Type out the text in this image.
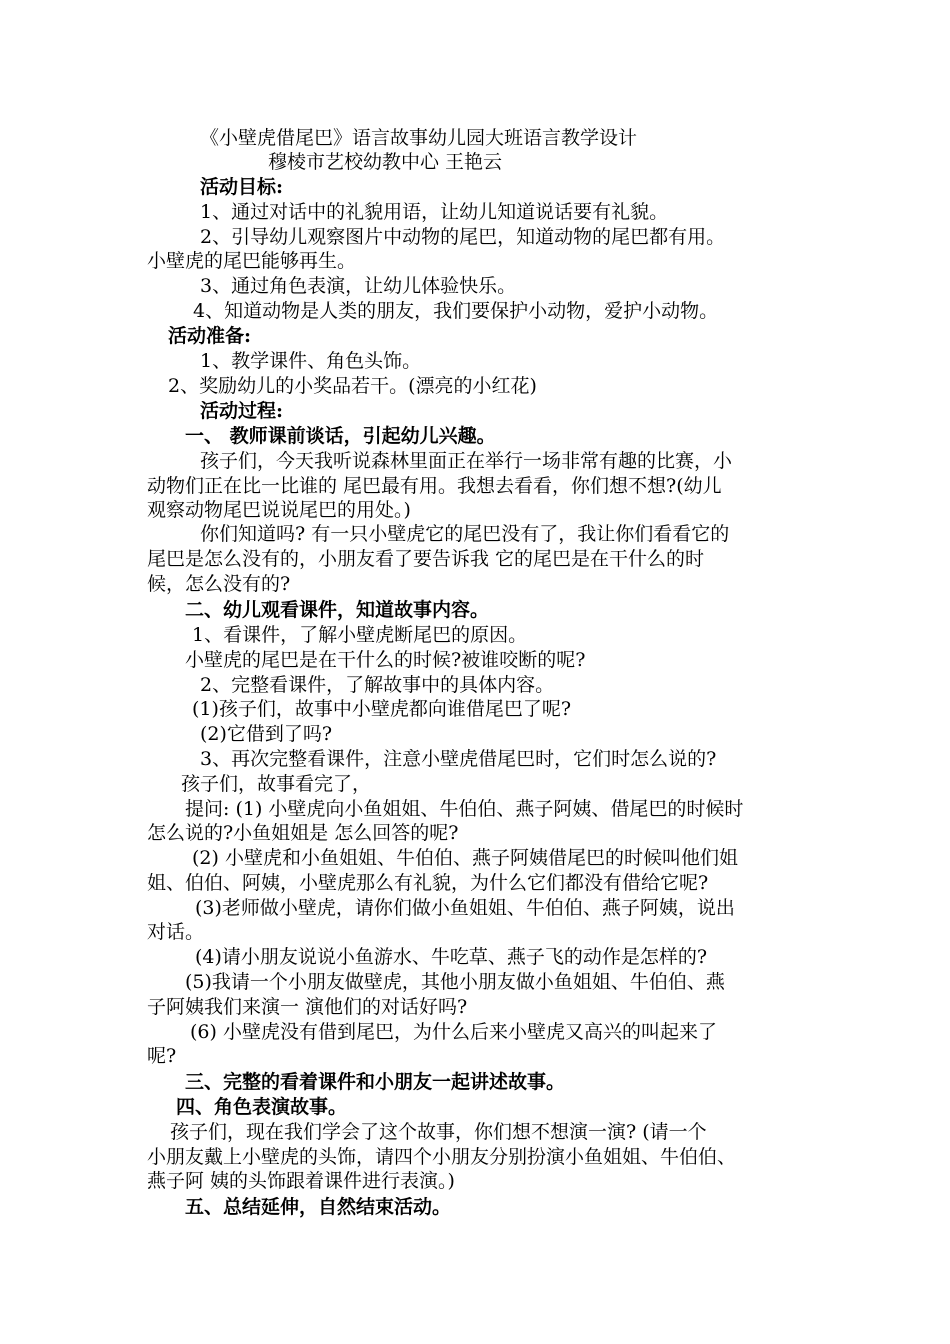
《小壁虎借尾巴》语言故事幼儿园大班语言教学设计
穆棱市艺校幼教中心 王艳云
活动目标:
1、通过对话中的礼貌用语，让幼儿知道说话要有礼貌。
2、引导幼儿观察图片中动物的尾巴，知道动物的尾巴都有用。
小壁虎的尾巴能够再生。
3、通过角色表演，让幼儿体验快乐。
4、知道动物是人类的朋友，我们要保护小动物，爱护小动物。
活动准备:
1、教学课件、角色头饰。
2、奖励幼儿的小奖品若干。(漂亮的小红花)
活动过程:
一、 教师课前谈话，引起幼儿兴趣。
孩子们，今天我听说森林里面正在举行一场非常有趣的比赛，小
动物们正在比一比谁的 尾巴最有用。我想去看看，你们想不想?(幼儿
观察动物尾巴说说尾巴的用处。)
你们知道吗? 有一只小壁虎它的尾巴没有了，我让你们看看它的
尾巴是怎么没有的，小朋友看了要告诉我 它的尾巴是在干什么的时
候，怎么没有的?
二、幼儿观看课件，知道故事内容。
1、看课件，了解小壁虎断尾巴的原因。
小壁虎的尾巴是在干什么的时候?被谁咬断的呢?
2、完整看课件，了解故事中的具体内容。
(1)孩子们，故事中小壁虎都向谁借尾巴了呢?
(2)它借到了吗?
3、再次完整看课件，注意小壁虎借尾巴时，它们时怎么说的?
孩子们，故事看完了，
提问: (1) 小壁虎向小鱼姐姐、牛伯伯、燕子阿姨、借尾巴的时候时
怎么说的?小鱼姐姐是 怎么回答的呢?
(2) 小壁虎和小鱼姐姐、牛伯伯、燕子阿姨借尾巴的时候叫他们姐
姐、伯伯、阿姨，小壁虎那么有礼貌，为什么它们都没有借给它呢?
(3)老师做小壁虎，请你们做小鱼姐姐、牛伯伯、燕子阿姨，说出
对话。
(4)请小朋友说说小鱼游水、牛吃草、燕子飞的动作是怎样的?
(5)我请一个小朋友做壁虎，其他小朋友做小鱼姐姐、牛伯伯、燕
子阿姨我们来演一 演他们的对话好吗?
(6) 小壁虎没有借到尾巴，为什么后来小壁虎又高兴的叫起来了
呢?
三、完整的看着课件和小朋友一起讲述故事。
四、角色表演故事。
孩子们，现在我们学会了这个故事，你们想不想演一演? (请一个
小朋友戴上小壁虎的头饰，请四个小朋友分别扮演小鱼姐姐、牛伯伯、
燕子阿 姨的头饰跟着课件进行表演。)
五、总结延伸，自然结束活动。
